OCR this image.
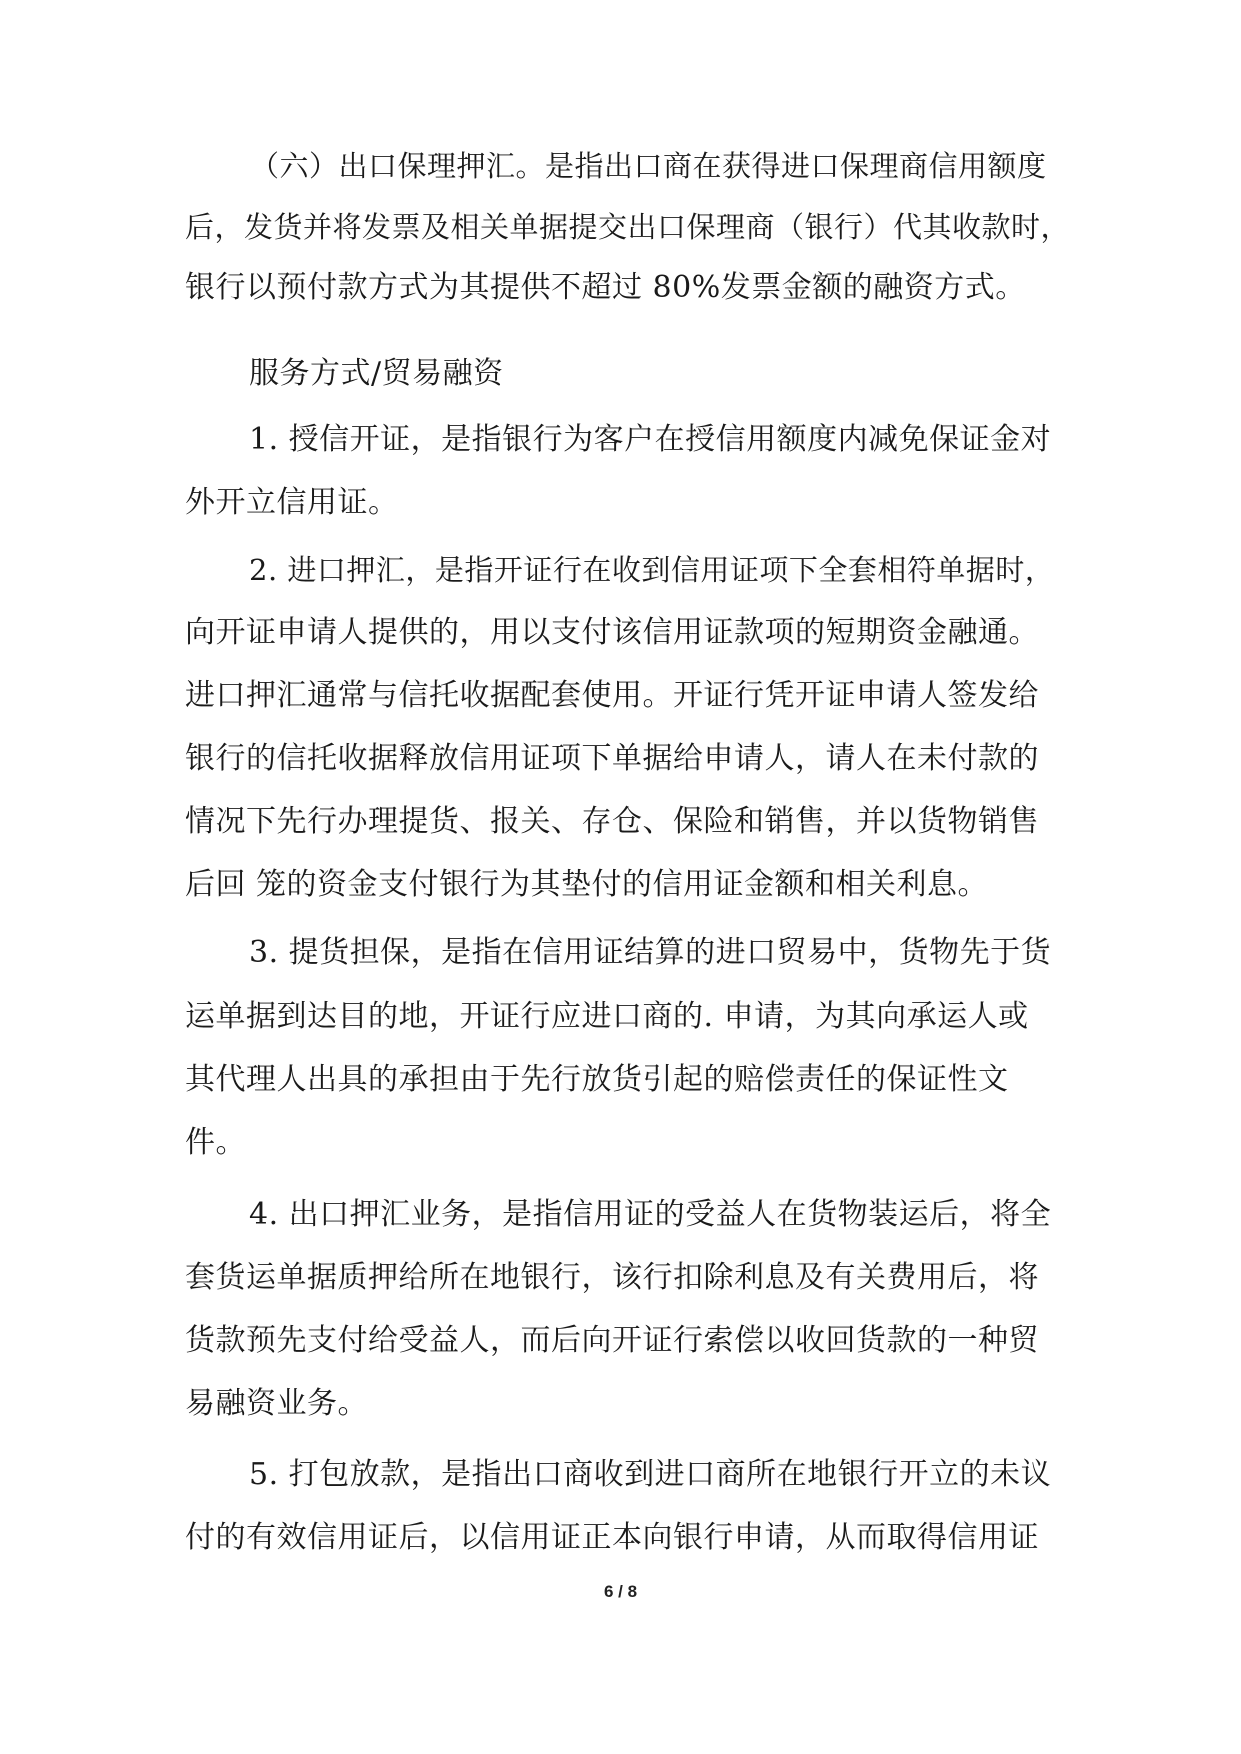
（六）出口保理押汇。是指出口商在获得进口保理商信用额度

后，发货并将发票及相关单据提交出口保理商（银行）代其收款时，

银行以预付款方式为其提供不超过 80%发票金额的融资方式。

服务方式/贸易融资

1. 授信开证，是指银行为客户在授信用额度内减免保证金对

外开立信用证。

2. 进口押汇，是指开证行在收到信用证项下全套相符单据时，

向开证申请人提供的，用以支付该信用证款项的短期资金融通。

进口押汇通常与信托收据配套使用。开证行凭开证申请人签发给

银行的信托收据释放信用证项下单据给申请人，请人在未付款的

情况下先行办理提货、报关、存仓、保险和销售，并以货物销售

后回 笼的资金支付银行为其垫付的信用证金额和相关利息。

3. 提货担保，是指在信用证结算的进口贸易中，货物先于货

运单据到达目的地，开证行应进口商的. 申请，为其向承运人或

其代理人出具的承担由于先行放货引起的赔偿责任的保证性文

件。

4. 出口押汇业务，是指信用证的受益人在货物装运后，将全

套货运单据质押给所在地银行，该行扣除利息及有关费用后，将

货款预先支付给受益人，而后向开证行索偿以收回货款的一种贸

易融资业务。

5. 打包放款，是指出口商收到进口商所在地银行开立的未议

付的有效信用证后，以信用证正本向银行申请，从而取得信用证

6 / 8
